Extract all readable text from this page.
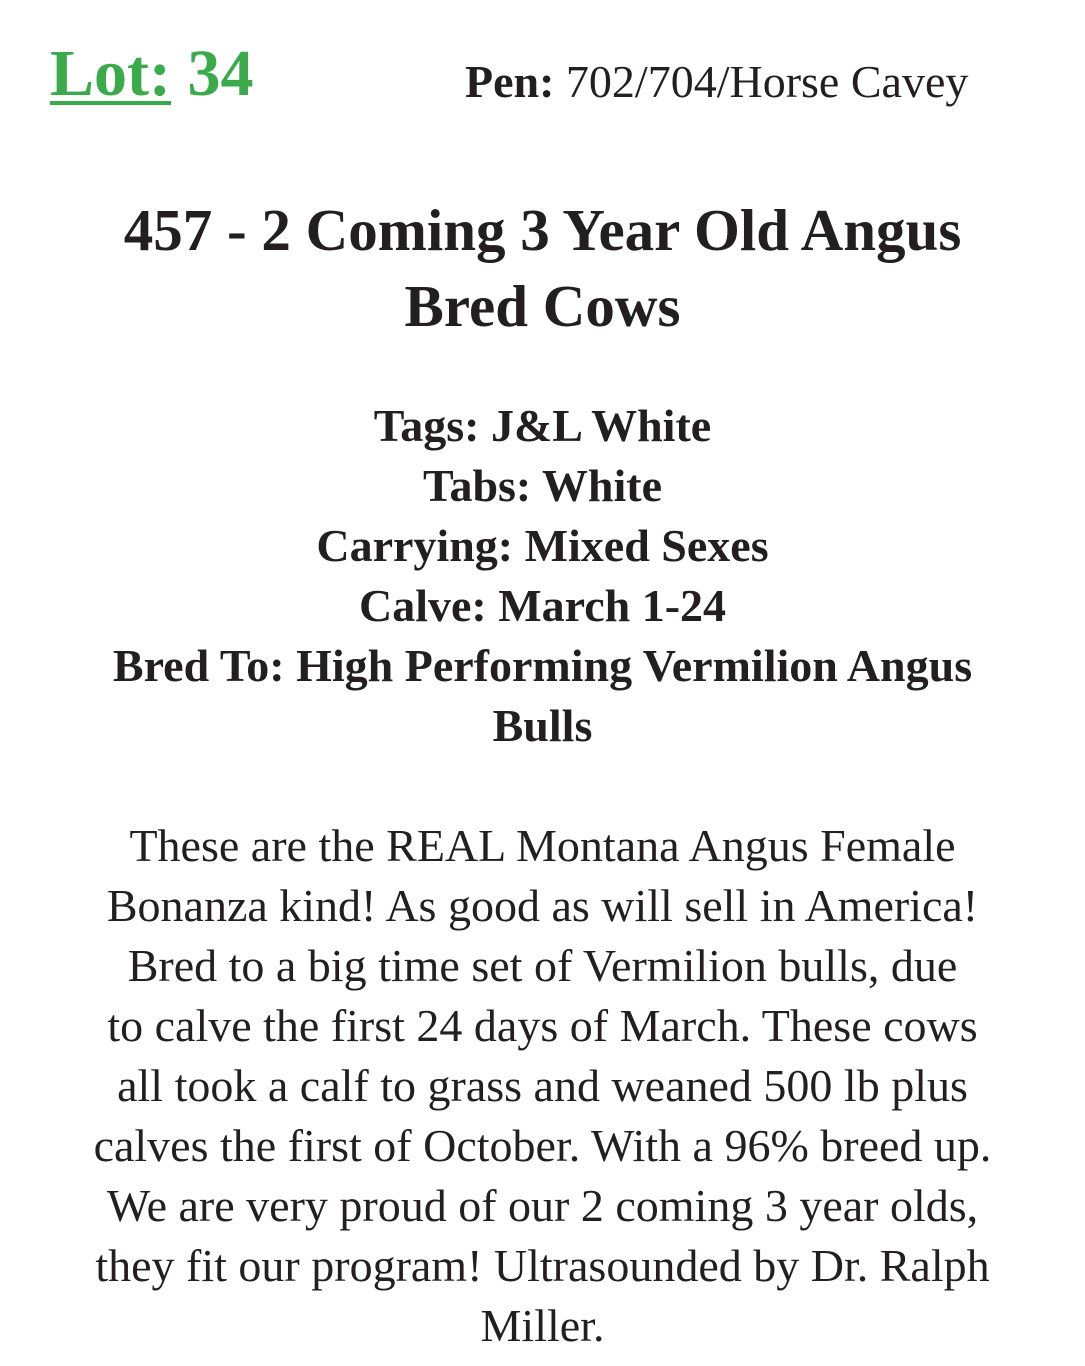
Lot: 34	Pen: 702/704/Horse Cavey
457 - 2 Coming 3 Year Old Angus
Bred Cows
Tags: J&L White
Tabs: White
Carrying: Mixed Sexes
Calve: March 1-24
Bred To: High Performing Vermilion Angus
Bulls

These are the REAL Montana Angus Female
Bonanza kind! As good as will sell in America!
Bred to a big time set of Vermilion bulls, due
to calve the first 24 days of March. These cows
all took a calf to grass and weaned 500 lb plus
calves the first of October. With a 96% breed up.
We are very proud of our 2 coming 3 year olds,
they fit our program! Ultrasounded by Dr. Ralph
Miller.
